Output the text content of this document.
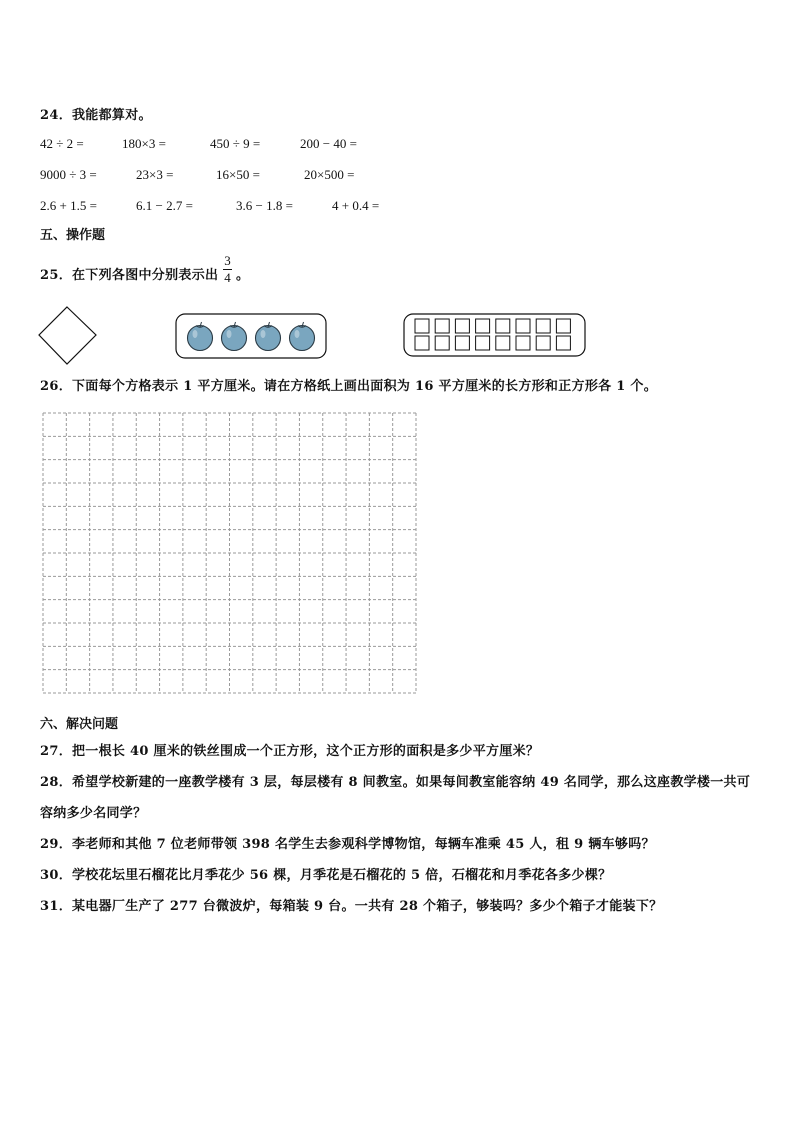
24．我能都算对。
42 ÷ 2 =	180×3 =	450 ÷ 9 =	200 − 40 =
9000 ÷ 3 =	23×3 =	16×50 =	20×500 =
2.6 + 1.5 =	6.1 − 2.7 =	3.6 − 1.8 =	4 + 0.4 =
五、操作题
25．在下列各图中分别表示出
3
4 。
26．下面每个方格表示 1 平方厘米。请在方格纸上画出面积为 16 平方厘米的长方形和正方形各 1 个。
六、解决问题
27．把一根长 40 厘米的铁丝围成一个正方形，这个正方形的面积是多少平方厘米？
28．希望学校新建的一座教学楼有 3 层，每层楼有 8 间教室。如果每间教室能容纳 49 名同学，那么这座教学楼一共可
容纳多少名同学？
29．李老师和其他 7 位老师带领 398 名学生去参观科学博物馆，每辆车准乘 45 人，租 9 辆车够吗？
30．学校花坛里石榴花比月季花少 56 棵，月季花是石榴花的 5 倍，石榴花和月季花各多少棵？
31．某电器厂生产了 277 台微波炉，每箱装 9 台。一共有 28 个箱子，够装吗？多少个箱子才能装下？
